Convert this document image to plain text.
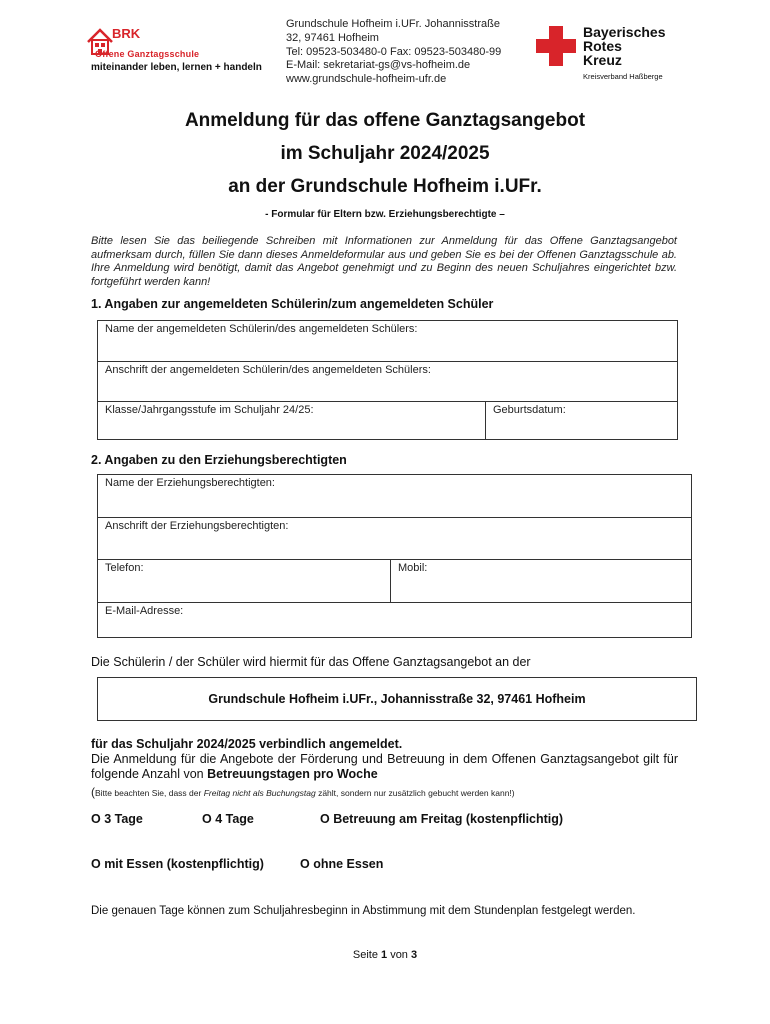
BRK
Offene Ganztagsschule
miteinander leben, lernen + handeln
Grundschule Hofheim i.UFr. Johannisstraße
32, 97461 Hofheim
Tel: 09523-503480-0 Fax: 09523-503480-99
E-Mail: sekretariat-gs@vs-hofheim.de
www.grundschule-hofheim-ufr.de
Bayerisches
Rotes
Kreuz
Kreisverband Haßberge
Anmeldung für das offene Ganztagsangebot
im Schuljahr 2024/2025
an der Grundschule Hofheim i.UFr.
- Formular für Eltern bzw. Erziehungsberechtigte –
Bitte lesen Sie das beiliegende Schreiben mit Informationen zur Anmeldung für das Offene Ganztagsangebot aufmerksam durch, füllen Sie dann dieses Anmeldeformular aus und geben Sie es bei der Offenen Ganztagsschule ab. Ihre Anmeldung wird benötigt, damit das Angebot genehmigt und zu Beginn des neuen Schuljahres eingerichtet bzw. fortgeführt werden kann!
1. Angaben zur angemeldeten Schülerin/zum angemeldeten Schüler
Name der angemeldeten Schülerin/des angemeldeten Schülers:
Anschrift der angemeldeten Schülerin/des angemeldeten Schülers:
Klasse/Jahrgangsstufe im Schuljahr 24/25:	Geburtsdatum:
2. Angaben zu den Erziehungsberechtigten
Name der Erziehungsberechtigten:
Anschrift der Erziehungsberechtigten:
Telefon:	Mobil:
E-Mail-Adresse:
Die Schülerin / der Schüler wird hiermit für das Offene Ganztagsangebot an der
Grundschule Hofheim i.UFr., Johannisstraße 32, 97461 Hofheim
für das Schuljahr 2024/2025 verbindlich angemeldet.
Die Anmeldung für die Angebote der Förderung und Betreuung in dem Offenen Ganztagsangebot gilt für folgende Anzahl von Betreuungstagen pro Woche
(Bitte beachten Sie, dass der Freitag nicht als Buchungstag zählt, sondern nur zusätzlich gebucht werden kann!)
O 3 Tage	O 4 Tage	O Betreuung am Freitag (kostenpflichtig)
O mit Essen (kostenpflichtig)	O ohne Essen
Die genauen Tage können zum Schuljahresbeginn in Abstimmung mit dem Stundenplan festgelegt werden.
Seite 1 von 3
